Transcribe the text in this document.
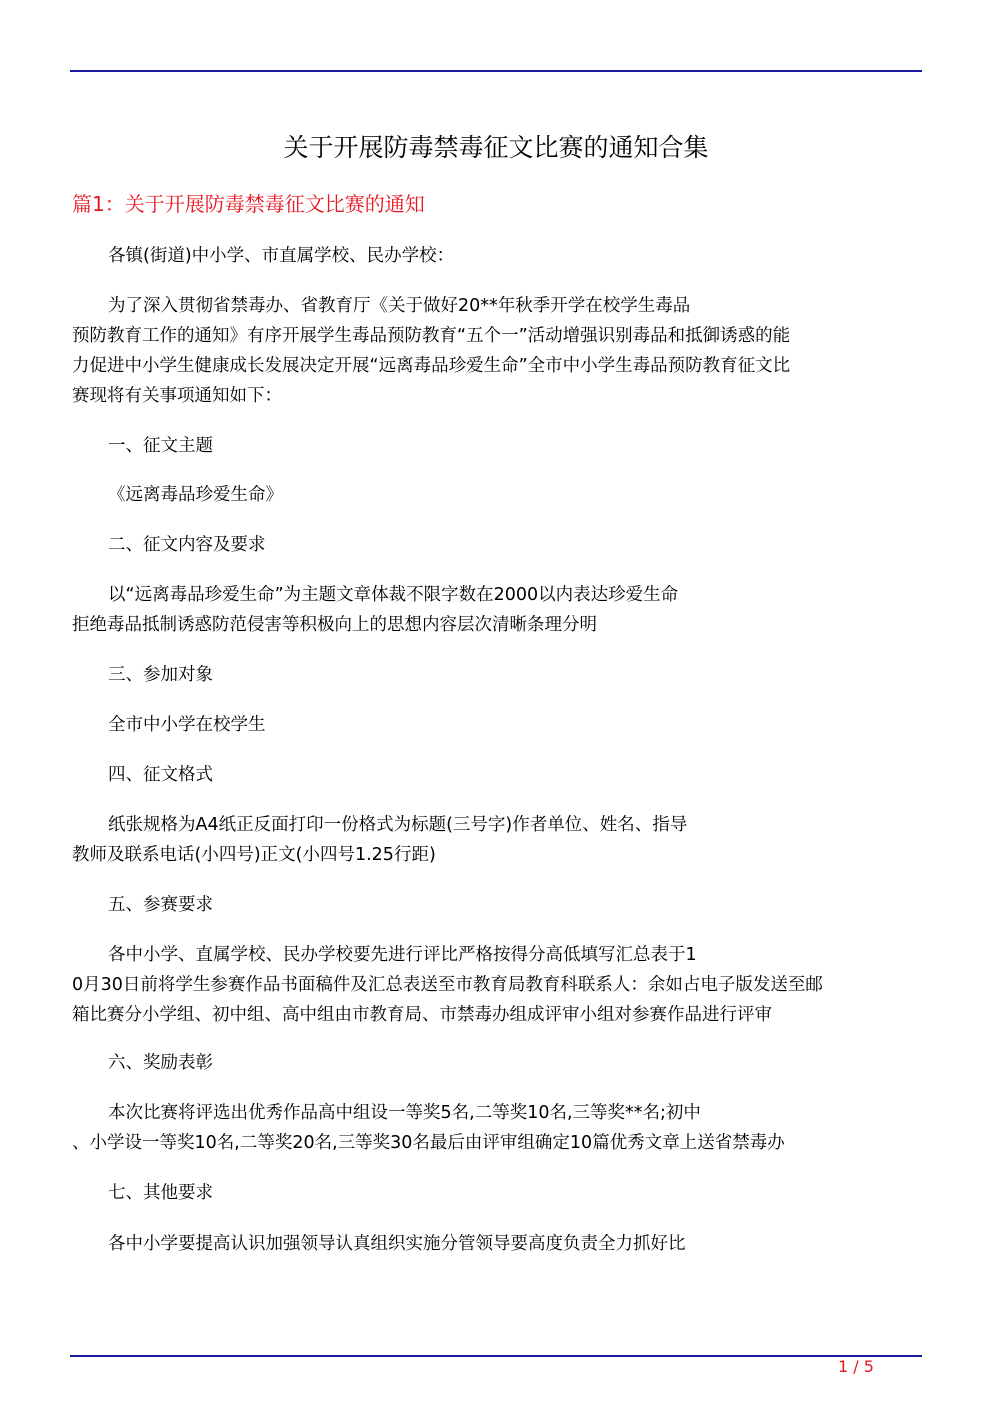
关于开展防毒禁毒征文比赛的通知合集
篇1：关于开展防毒禁毒征文比赛的通知
各镇(街道)中小学、市直属学校、民办学校：
为了深入贯彻省禁毒办、省教育厅《关于做好20**年秋季开学在校学生毒品
预防教育工作的通知》有序开展学生毒品预防教育“五个一”活动增强识别毒品和抵御诱惑的能
力促进中小学生健康成长发展决定开展“远离毒品珍爱生命”全市中小学生毒品预防教育征文比
赛现将有关事项通知如下：
一、征文主题
《远离毒品珍爱生命》
二、征文内容及要求
以“远离毒品珍爱生命”为主题文章体裁不限字数在2000以内表达珍爱生命
拒绝毒品抵制诱惑防范侵害等积极向上的思想内容层次清晰条理分明
三、参加对象
全市中小学在校学生
四、征文格式
纸张规格为A4纸正反面打印一份格式为标题(三号字)作者单位、姓名、指导
教师及联系电话(小四号)正文(小四号1.25行距)
五、参赛要求
各中小学、直属学校、民办学校要先进行评比严格按得分高低填写汇总表于1
0月30日前将学生参赛作品书面稿件及汇总表送至市教育局教育科联系人：余如占电子版发送至邮
箱比赛分小学组、初中组、高中组由市教育局、市禁毒办组成评审小组对参赛作品进行评审
六、奖励表彰
本次比赛将评选出优秀作品高中组设一等奖5名,二等奖10名,三等奖**名;初中
、小学设一等奖10名,二等奖20名,三等奖30名最后由评审组确定10篇优秀文章上送省禁毒办
七、其他要求
各中小学要提高认识加强领导认真组织实施分管领导要高度负责全力抓好比
1 / 5
